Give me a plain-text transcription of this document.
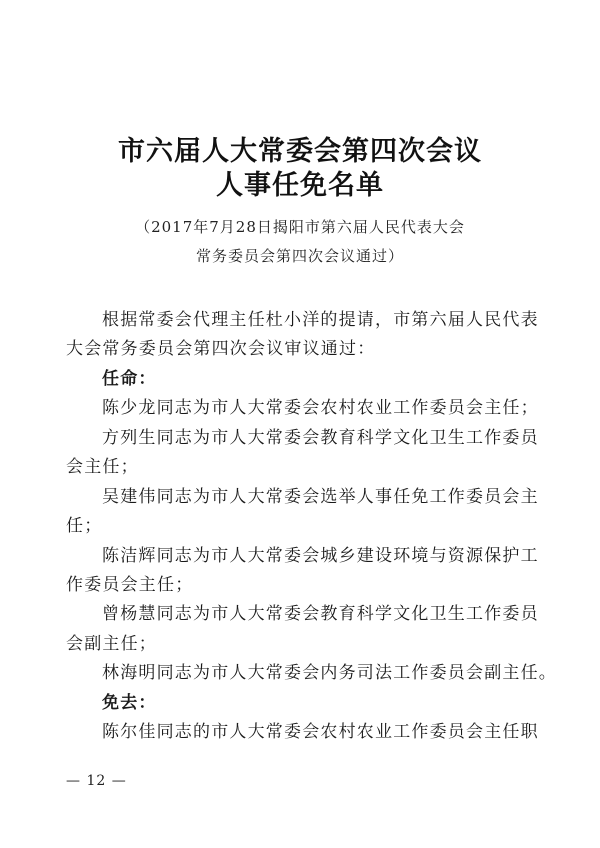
市六届人大常委会第四次会议
人事任免名单
（2017年7月28日揭阳市第六届人民代表大会
常务委员会第四次会议通过）
根据常委会代理主任杜小洋的提请，市第六届人民代表
大会常务委员会第四次会议审议通过：
任命：
陈少龙同志为市人大常委会农村农业工作委员会主任；
方列生同志为市人大常委会教育科学文化卫生工作委员
会主任；
吴建伟同志为市人大常委会选举人事任免工作委员会主
任；
陈洁辉同志为市人大常委会城乡建设环境与资源保护工
作委员会主任；
曾杨慧同志为市人大常委会教育科学文化卫生工作委员
会副主任；
林海明同志为市人大常委会内务司法工作委员会副主任。
免去：
陈尔佳同志的市人大常委会农村农业工作委员会主任职
— 12 —
